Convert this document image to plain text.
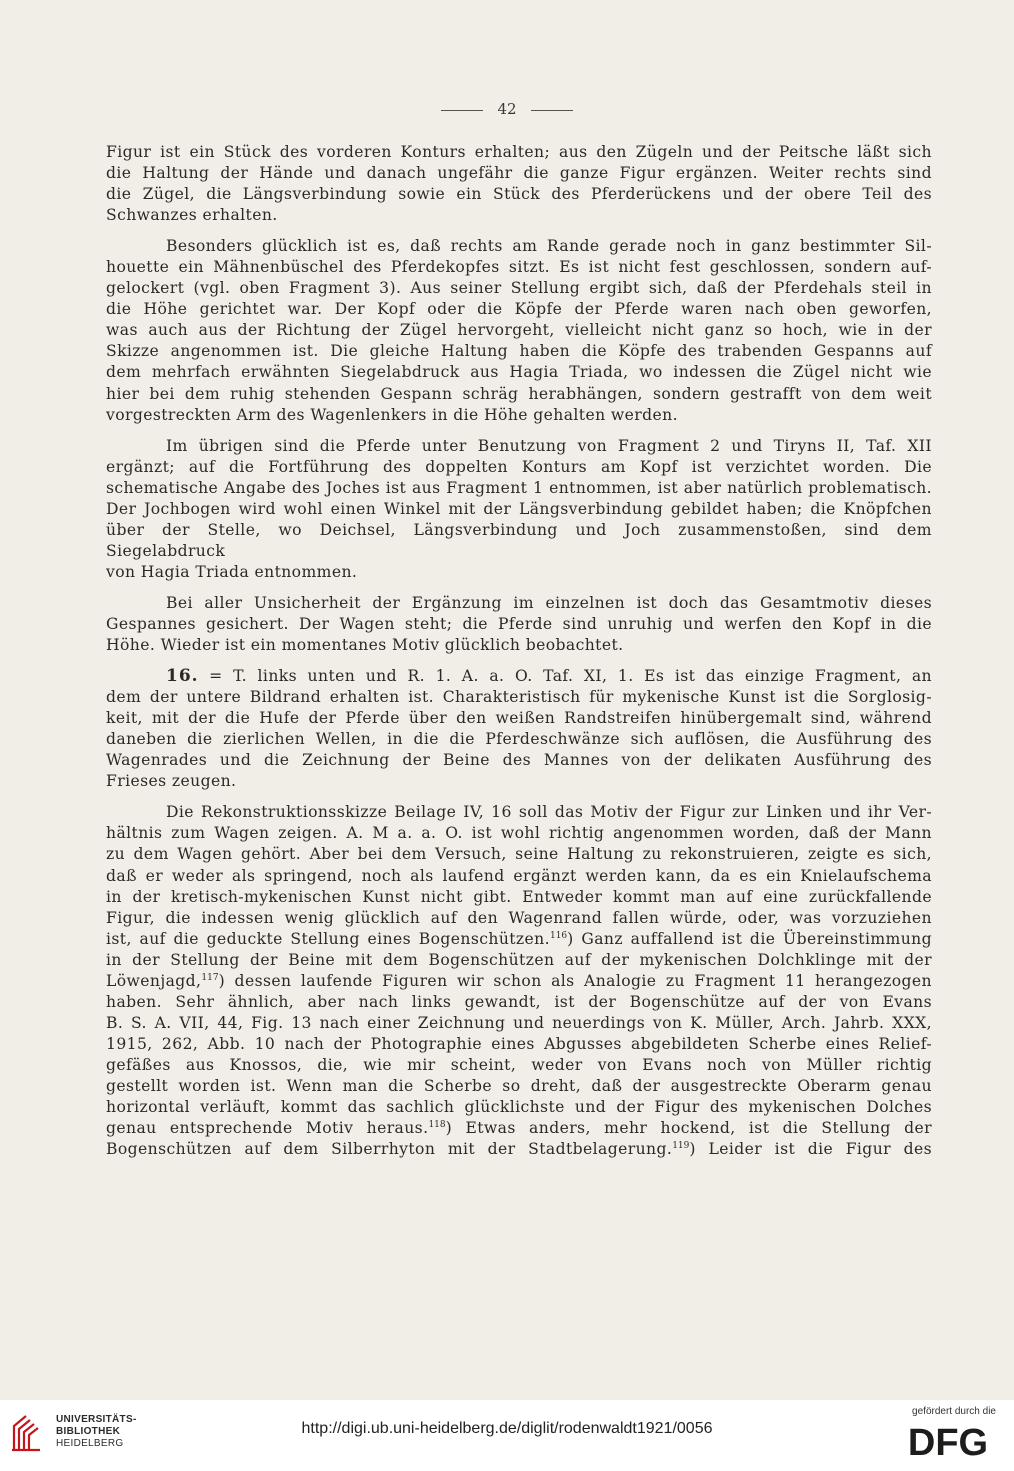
42

Figur ist ein Stück des vorderen Konturs erhalten; aus den Zügeln und der Peitsche läßt sich

die Haltung der Hände und danach ungefähr die ganze Figur ergänzen. Weiter rechts sind

die Zügel, die Längsverbindung sowie ein Stück des Pferderückens und der obere Teil des

Schwanzes erhalten.

Besonders glücklich ist es, daß rechts am Rande gerade noch in ganz bestimmter Sil-

houette ein Mähnenbüschel des Pferdekopfes sitzt. Es ist nicht fest geschlossen, sondern auf-

gelockert (vgl. oben Fragment 3). Aus seiner Stellung ergibt sich, daß der Pferdehals steil in

die Höhe gerichtet war. Der Kopf oder die Köpfe der Pferde waren nach oben geworfen,

was auch aus der Richtung der Zügel hervorgeht, vielleicht nicht ganz so hoch, wie in der

Skizze angenommen ist. Die gleiche Haltung haben die Köpfe des trabenden Gespanns auf

dem mehrfach erwähnten Siegelabdruck aus Hagia Triada, wo indessen die Zügel nicht wie

hier bei dem ruhig stehenden Gespann schräg herabhängen, sondern gestrafft von dem weit

vorgestreckten Arm des Wagenlenkers in die Höhe gehalten werden.

Im übrigen sind die Pferde unter Benutzung von Fragment 2 und Tiryns II, Taf. XII

ergänzt; auf die Fortführung des doppelten Konturs am Kopf ist verzichtet worden. Die

schematische Angabe des Joches ist aus Fragment 1 entnommen, ist aber natürlich problematisch.

Der Jochbogen wird wohl einen Winkel mit der Längsverbindung gebildet haben; die Knöpfchen

über der Stelle, wo Deichsel, Längsverbindung und Joch zusammenstoßen, sind dem Siegelabdruck

von Hagia Triada entnommen.

Bei aller Unsicherheit der Ergänzung im einzelnen ist doch das Gesamtmotiv dieses

Gespannes gesichert. Der Wagen steht; die Pferde sind unruhig und werfen den Kopf in die

Höhe. Wieder ist ein momentanes Motiv glücklich beobachtet.

16. = T. links unten und R. 1. A. a. O. Taf. XI, 1. Es ist das einzige Fragment, an

dem der untere Bildrand erhalten ist. Charakteristisch für mykenische Kunst ist die Sorglosig-

keit, mit der die Hufe der Pferde über den weißen Randstreifen hinübergemalt sind, während

daneben die zierlichen Wellen, in die die Pferdeschwänze sich auflösen, die Ausführung des

Wagenrades und die Zeichnung der Beine des Mannes von der delikaten Ausführung des

Frieses zeugen.

Die Rekonstruktionsskizze Beilage IV, 16 soll das Motiv der Figur zur Linken und ihr Ver-

hältnis zum Wagen zeigen. A. M a. a. O. ist wohl richtig angenommen worden, daß der Mann

zu dem Wagen gehört. Aber bei dem Versuch, seine Haltung zu rekonstruieren, zeigte es sich,

daß er weder als springend, noch als laufend ergänzt werden kann, da es ein Knielaufschema

in der kretisch-mykenischen Kunst nicht gibt. Entweder kommt man auf eine zurückfallende

Figur, die indessen wenig glücklich auf den Wagenrand fallen würde, oder, was vorzuziehen

ist, auf die geduckte Stellung eines Bogenschützen.$^{116}$) Ganz auffallend ist die Übereinstimmung

in der Stellung der Beine mit dem Bogenschützen auf der mykenischen Dolchklinge mit der

Löwenjagd,$^{117}$) dessen laufende Figuren wir schon als Analogie zu Fragment 11 herangezogen

haben. Sehr ähnlich, aber nach links gewandt, ist der Bogenschütze auf der von Evans

B. S. A. VII, 44, Fig. 13 nach einer Zeichnung und neuerdings von K. Müller, Arch. Jahrb. XXX,

1915, 262, Abb. 10 nach der Photographie eines Abgusses abgebildeten Scherbe eines Relief-

gefäßes aus Knossos, die, wie mir scheint, weder von Evans noch von Müller richtig

gestellt worden ist. Wenn man die Scherbe so dreht, daß der ausgestreckte Oberarm genau

horizontal verläuft, kommt das sachlich glücklichste und der Figur des mykenischen Dolches

genau entsprechende Motiv heraus.$^{118}$) Etwas anders, mehr hockend, ist die Stellung der

Bogenschützen auf dem Silberrhyton mit der Stadtbelagerung.$^{119}$) Leider ist die Figur des

UNIVERSITÄTS-
BIBLIOTHEK
HEIDELBERG
http://digi.ub.uni-heidelberg.de/diglit/rodenwaldt1921/0056
gefördert durch die
DFG
